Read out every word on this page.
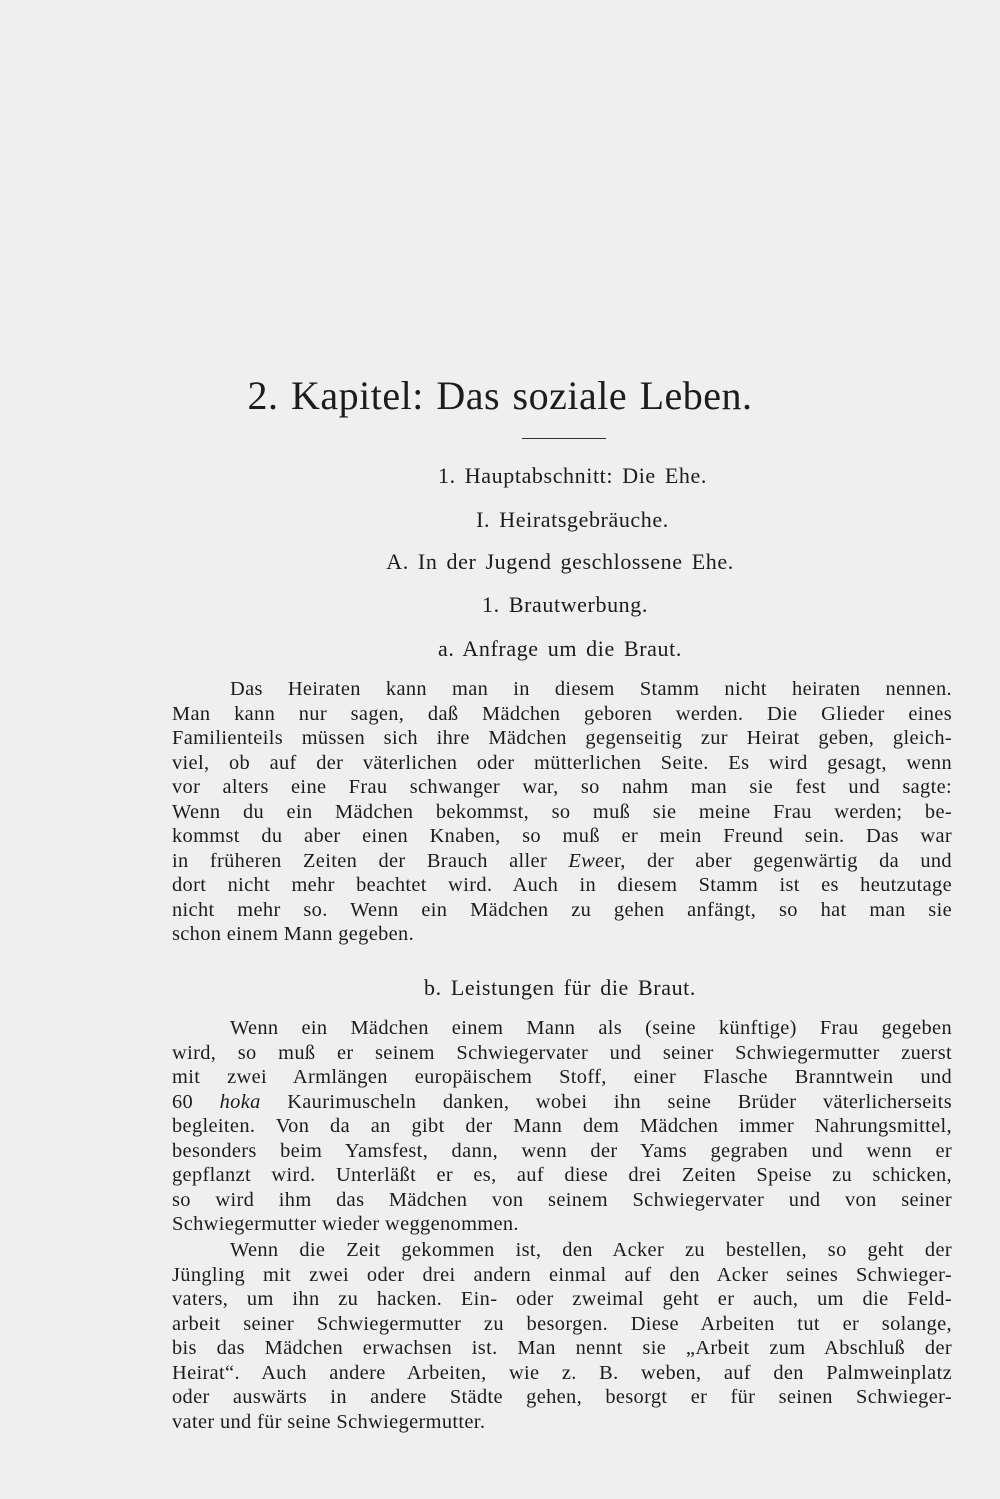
2. Kapitel: Das soziale Leben.
1. Hauptabschnitt: Die Ehe.
I. Heiratsgebräuche.
A. In der Jugend geschlossene Ehe.
1. Brautwerbung.
a. Anfrage um die Braut.

Das Heiraten kann man in diesem Stamm nicht heiraten nennen.
Man kann nur sagen, daß Mädchen geboren werden. Die Glieder eines
Familienteils müssen sich ihre Mädchen gegenseitig zur Heirat geben, gleich-
viel, ob auf der väterlichen oder mütterlichen Seite. Es wird gesagt, wenn
vor alters eine Frau schwanger war, so nahm man sie fest und sagte:
Wenn du ein Mädchen bekommst, so muß sie meine Frau werden; be-
kommst du aber einen Knaben, so muß er mein Freund sein. Das war
in früheren Zeiten der Brauch aller Eweer, der aber gegenwärtig da und
dort nicht mehr beachtet wird. Auch in diesem Stamm ist es heutzutage
nicht mehr so. Wenn ein Mädchen zu gehen anfängt, so hat man sie
schon einem Mann gegeben.

b. Leistungen für die Braut.

Wenn ein Mädchen einem Mann als (seine künftige) Frau gegeben
wird, so muß er seinem Schwiegervater und seiner Schwiegermutter zuerst
mit zwei Armlängen europäischem Stoff, einer Flasche Branntwein und
60 hoka Kaurimuscheln danken, wobei ihn seine Brüder väterlicherseits
begleiten. Von da an gibt der Mann dem Mädchen immer Nahrungsmittel,
besonders beim Yamsfest, dann, wenn der Yams gegraben und wenn er
gepflanzt wird. Unterläßt er es, auf diese drei Zeiten Speise zu schicken,
so wird ihm das Mädchen von seinem Schwiegervater und von seiner
Schwiegermutter wieder weggenommen.

Wenn die Zeit gekommen ist, den Acker zu bestellen, so geht der
Jüngling mit zwei oder drei andern einmal auf den Acker seines Schwieger-
vaters, um ihn zu hacken. Ein- oder zweimal geht er auch, um die Feld-
arbeit seiner Schwiegermutter zu besorgen. Diese Arbeiten tut er solange,
bis das Mädchen erwachsen ist. Man nennt sie „Arbeit zum Abschluß der
Heirat“. Auch andere Arbeiten, wie z. B. weben, auf den Palmweinplatz
oder auswärts in andere Städte gehen, besorgt er für seinen Schwieger-
vater und für seine Schwiegermutter.
